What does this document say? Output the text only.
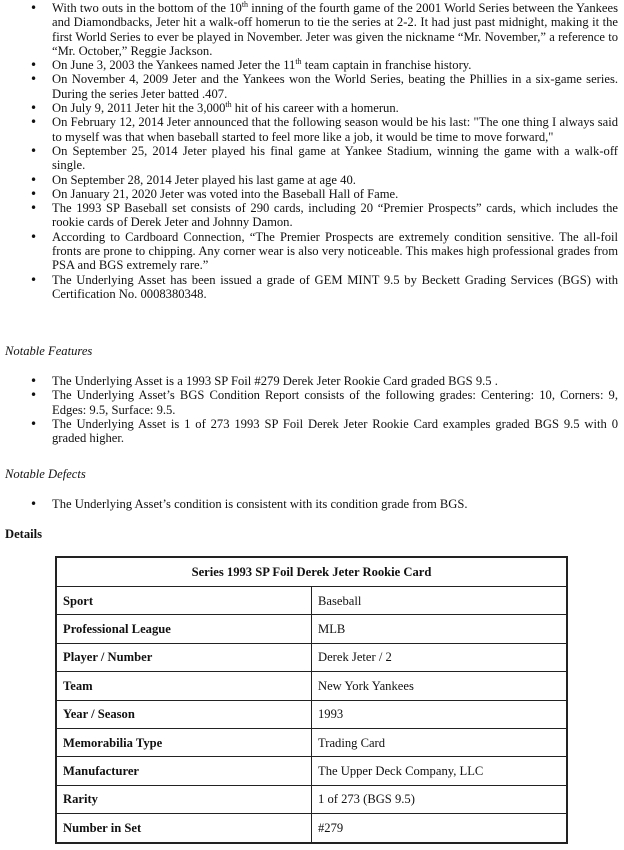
• With two outs in the bottom of the 10th inning of the fourth game of the 2001 World Series between the Yankees and Diamondbacks, Jeter hit a walk-off homerun to tie the series at 2-2. It had just past midnight, making it the first World Series to ever be played in November. Jeter was given the nickname “Mr. November,” a reference to “Mr. October,” Reggie Jackson.
• On June 3, 2003 the Yankees named Jeter the 11th team captain in franchise history.
• On November 4, 2009 Jeter and the Yankees won the World Series, beating the Phillies in a six-game series. During the series Jeter batted .407.
• On July 9, 2011 Jeter hit the 3,000th hit of his career with a homerun.
• On February 12, 2014 Jeter announced that the following season would be his last: "The one thing I always said to myself was that when baseball started to feel more like a job, it would be time to move forward,"
• On September 25, 2014 Jeter played his final game at Yankee Stadium, winning the game with a walk-off single.
• On September 28, 2014 Jeter played his last game at age 40.
• On January 21, 2020 Jeter was voted into the Baseball Hall of Fame.
• The 1993 SP Baseball set consists of 290 cards, including 20 “Premier Prospects” cards, which includes the rookie cards of Derek Jeter and Johnny Damon.
• According to Cardboard Connection, “The Premier Prospects are extremely condition sensitive. The all-foil fronts are prone to chipping. Any corner wear is also very noticeable. This makes high professional grades from PSA and BGS extremely rare.”
• The Underlying Asset has been issued a grade of GEM MINT 9.5 by Beckett Grading Services (BGS) with Certification No. 0008380348.
Notable Features
• The Underlying Asset is a 1993 SP Foil #279 Derek Jeter Rookie Card graded BGS 9.5 .
• The Underlying Asset’s BGS Condition Report consists of the following grades: Centering: 10, Corners: 9, Edges: 9.5, Surface: 9.5.
• The Underlying Asset is 1 of 273 1993 SP Foil Derek Jeter Rookie Card examples graded BGS 9.5 with 0 graded higher.
Notable Defects
• The Underlying Asset’s condition is consistent with its condition grade from BGS.
Details
Series 1993 SP Foil Derek Jeter Rookie Card	
Sport	Baseball
Professional League	MLB
Player / Number	Derek Jeter / 2
Team	New York Yankees
Year / Season	1993
Memorabilia Type	Trading Card
Manufacturer	The Upper Deck Company, LLC
Rarity	1 of 273 (BGS 9.5)
Number in Set	#279
